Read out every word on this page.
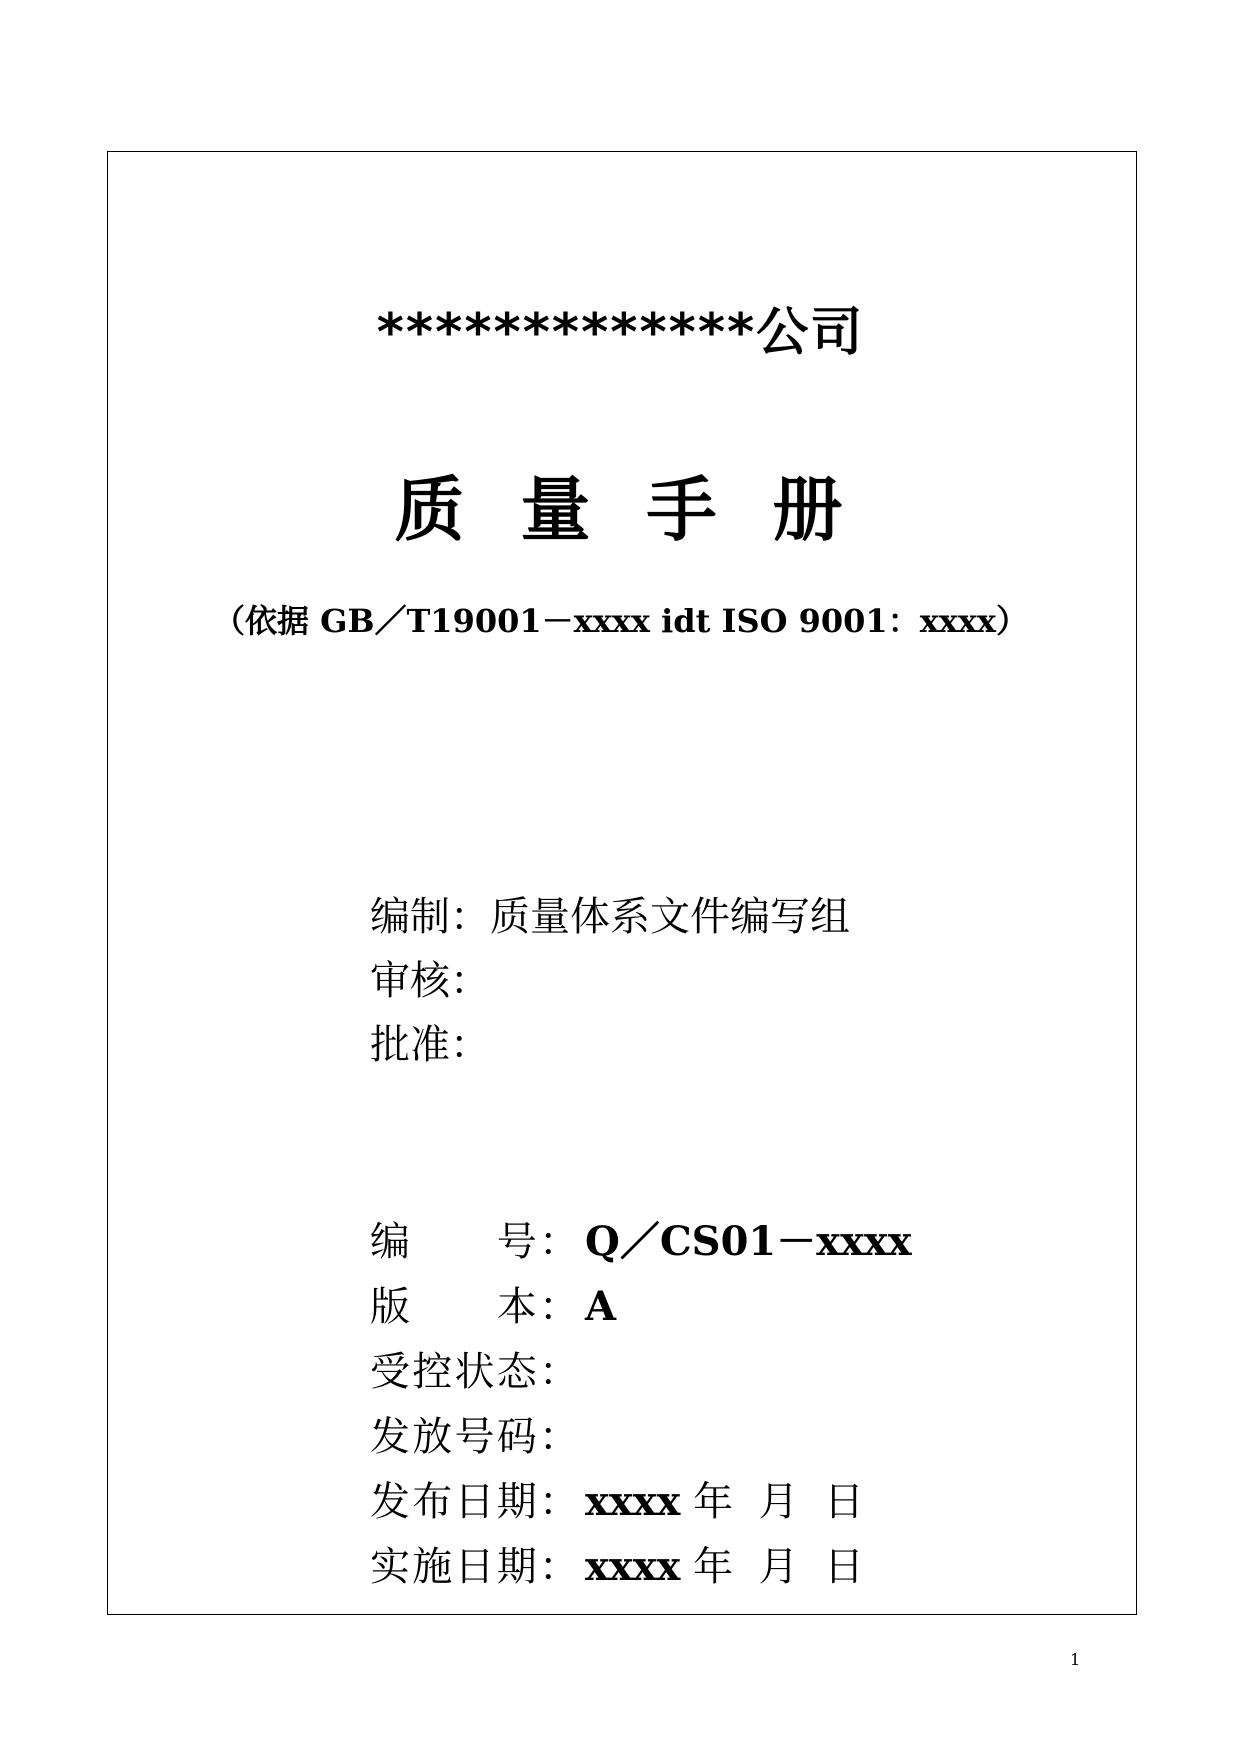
*************公司
质 量 手 册
（依据 GB／T19001－xxxx idt ISO 9001：xxxx）
编制：质量体系文件编写组
审核：
批准：
编　　号： Q／CS01－xxxx
版　　本： A
受控状态：
发放号码：
发布日期： xxxx 年  月  日
实施日期： xxxx 年  月  日
1
